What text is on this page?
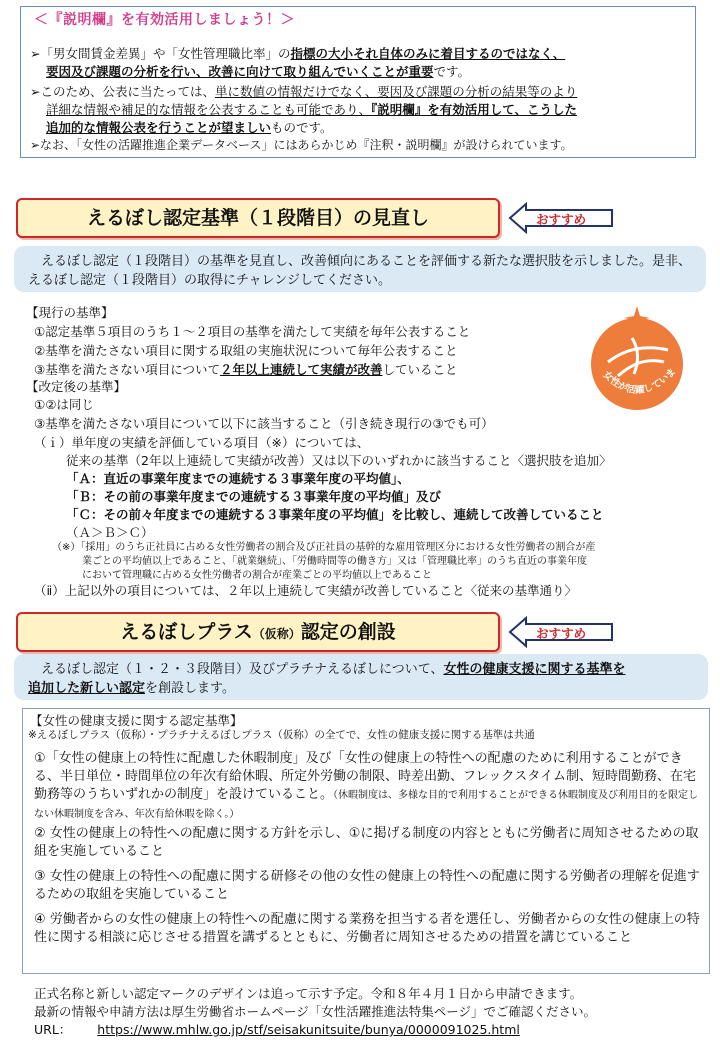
＜『説明欄』を有効活用しましょう！＞
➢「男女間賃金差異」や「女性管理職比率」の指標の大小それ自体のみに着目するのではなく、
要因及び課題の分析を行い、改善に向けて取り組んでいくことが重要です。
➢このため、公表に当たっては、単に数値の情報だけでなく、要因及び課題の分析の結果等のより
詳細な情報や補足的な情報を公表することも可能であり、『説明欄』を有効活用して、こうした
追加的な情報公表を行うことが望ましいものです。
➢なお、「女性の活躍推進企業データベース」にはあらかじめ『注釈・説明欄』が設けられています。
えるぼし認定基準（１段階目）の見直し	おすすめ
　えるぼし認定（１段階目）の基準を見直し、改善傾向にあることを評価する新たな選択肢を示しました。是非、えるぼし認定（１段階目）の取得にチャレンジしてください。
【現行の基準】
①認定基準５項目のうち１～２項目の基準を満たして実績を毎年公表すること
②基準を満たさない項目に関する取組の実施状況について毎年公表すること
③基準を満たさない項目について２年以上連続して実績が改善していること	女性が活躍していま
【改定後の基準】
①②は同じ
③基準を満たさない項目について以下に該当すること（引き続き現行の③でも可）
（ｉ）単年度の実績を評価している項目（※）については、
従来の基準（2年以上連続して実績が改善）又は以下のいずれかに該当すること〈選択肢を追加〉
「Ａ：直近の事業年度までの連続する３事業年度の平均値」、
「Ｂ：その前の事業年度までの連続する３事業年度の平均値」及び
「Ｃ：その前々年度までの連続する３事業年度の平均値」を比較し、連続して改善していること
（Ａ＞Ｂ＞Ｃ）
（※）「採用」のうち正社員に占める女性労働者の割合及び正社員の基幹的な雇用管理区分における女性労働者の割合が産
業ごとの平均値以上であること、「就業継続」、「労働時間等の働き方」又は「管理職比率」のうち直近の事業年度
において管理職に占める女性労働者の割合が産業ごとの平均値以上であること
（ⅱ）上記以外の項目については、２年以上連続して実績が改善していること〈従来の基準通り〉
えるぼしプラス（仮称）認定の創設	おすすめ
　えるぼし認定（１・２・３段階目）及びプラチナえるぼしについて、女性の健康支援に関する基準を
追加した新しい認定を創設します。
【女性の健康支援に関する認定基準】
※えるぼしプラス（仮称）・プラチナえるぼしプラス（仮称）の全てで、女性の健康支援に関する基準は共通
①「女性の健康上の特性に配慮した休暇制度」及び「女性の健康上の特性への配慮のために利用することができる、半日単位・時間単位の年次有給休暇、所定外労働の制限、時差出勤、フレックスタイム制、短時間勤務、在宅勤務等のうちいずれかの制度」を設けていること。（休暇制度は、多様な目的で利用することができる休暇制度及び利用目的を限定しない休暇制度を含み、年次有給休暇を除く。）
② 女性の健康上の特性への配慮に関する方針を示し、①に掲げる制度の内容とともに労働者に周知させるための取組を実施していること
③ 女性の健康上の特性への配慮に関する研修その他の女性の健康上の特性への配慮に関する労働者の理解を促進するための取組を実施していること
④ 労働者からの女性の健康上の特性への配慮に関する業務を担当する者を選任し、労働者からの女性の健康上の特性に関する相談に応じさせる措置を講ずるとともに、労働者に周知させるための措置を講じていること
正式名称と新しい認定マークのデザインは追って示す予定。令和８年４月１日から申請できます。
最新の情報や申請方法は厚生労働省ホームページ「女性活躍推進法特集ページ」でご確認ください。
URL： https://www.mhlw.go.jp/stf/seisakunitsuite/bunya/0000091025.html
